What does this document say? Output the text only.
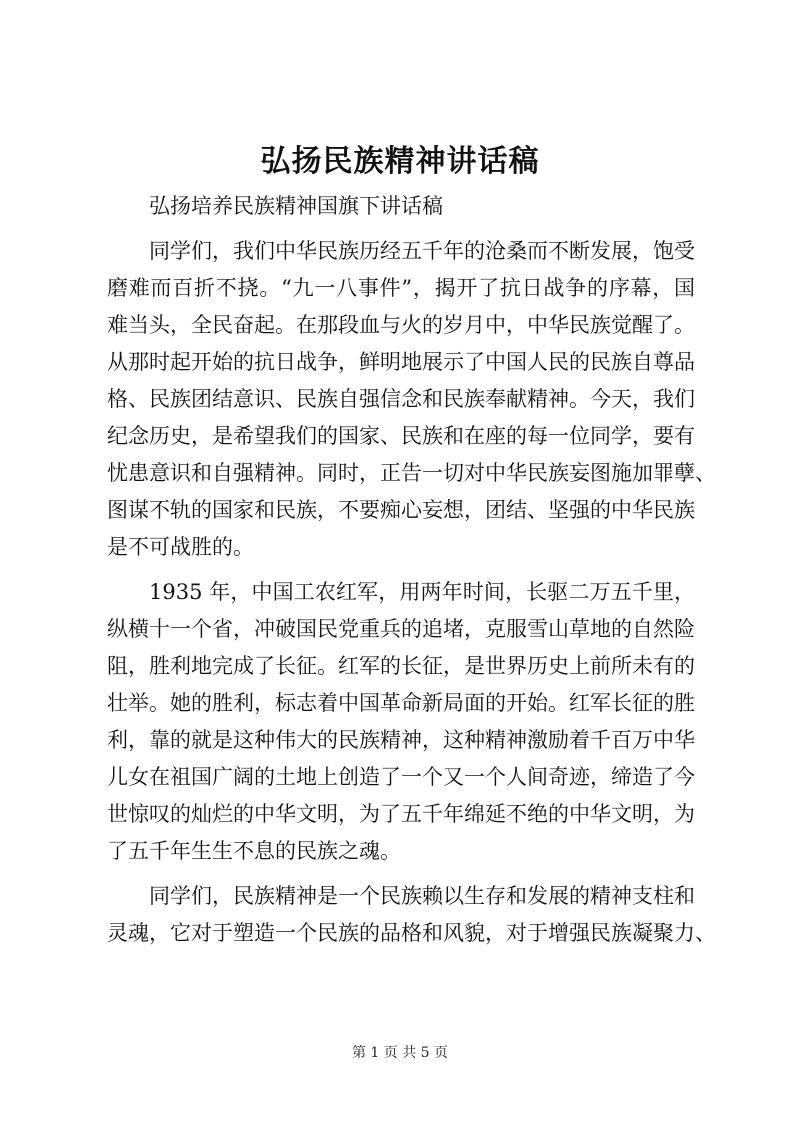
弘扬民族精神讲话稿

弘扬培养民族精神国旗下讲话稿

同学们，我们中华民族历经五千年的沧桑而不断发展，饱受
磨难而百折不挠。“九一八事件”，揭开了抗日战争的序幕，国
难当头，全民奋起。在那段血与火的岁月中，中华民族觉醒了。
从那时起开始的抗日战争，鲜明地展示了中国人民的民族自尊品
格、民族团结意识、民族自强信念和民族奉献精神。今天，我们
纪念历史，是希望我们的国家、民族和在座的每一位同学，要有
忧患意识和自强精神。同时，正告一切对中华民族妄图施加罪孽、
图谋不轨的国家和民族，不要痴心妄想，团结、坚强的中华民族
是不可战胜的。

1935 年，中国工农红军，用两年时间，长驱二万五千里，
纵横十一个省，冲破国民党重兵的追堵，克服雪山草地的自然险
阻，胜利地完成了长征。红军的长征，是世界历史上前所未有的
壮举。她的胜利，标志着中国革命新局面的开始。红军长征的胜
利，靠的就是这种伟大的民族精神，这种精神激励着千百万中华
儿女在祖国广阔的土地上创造了一个又一个人间奇迹，缔造了今
世惊叹的灿烂的中华文明，为了五千年绵延不绝的中华文明，为
了五千年生生不息的民族之魂。

同学们，民族精神是一个民族赖以生存和发展的精神支柱和
灵魂，它对于塑造一个民族的品格和风貌，对于增强民族凝聚力、

第 1 页 共 5 页
